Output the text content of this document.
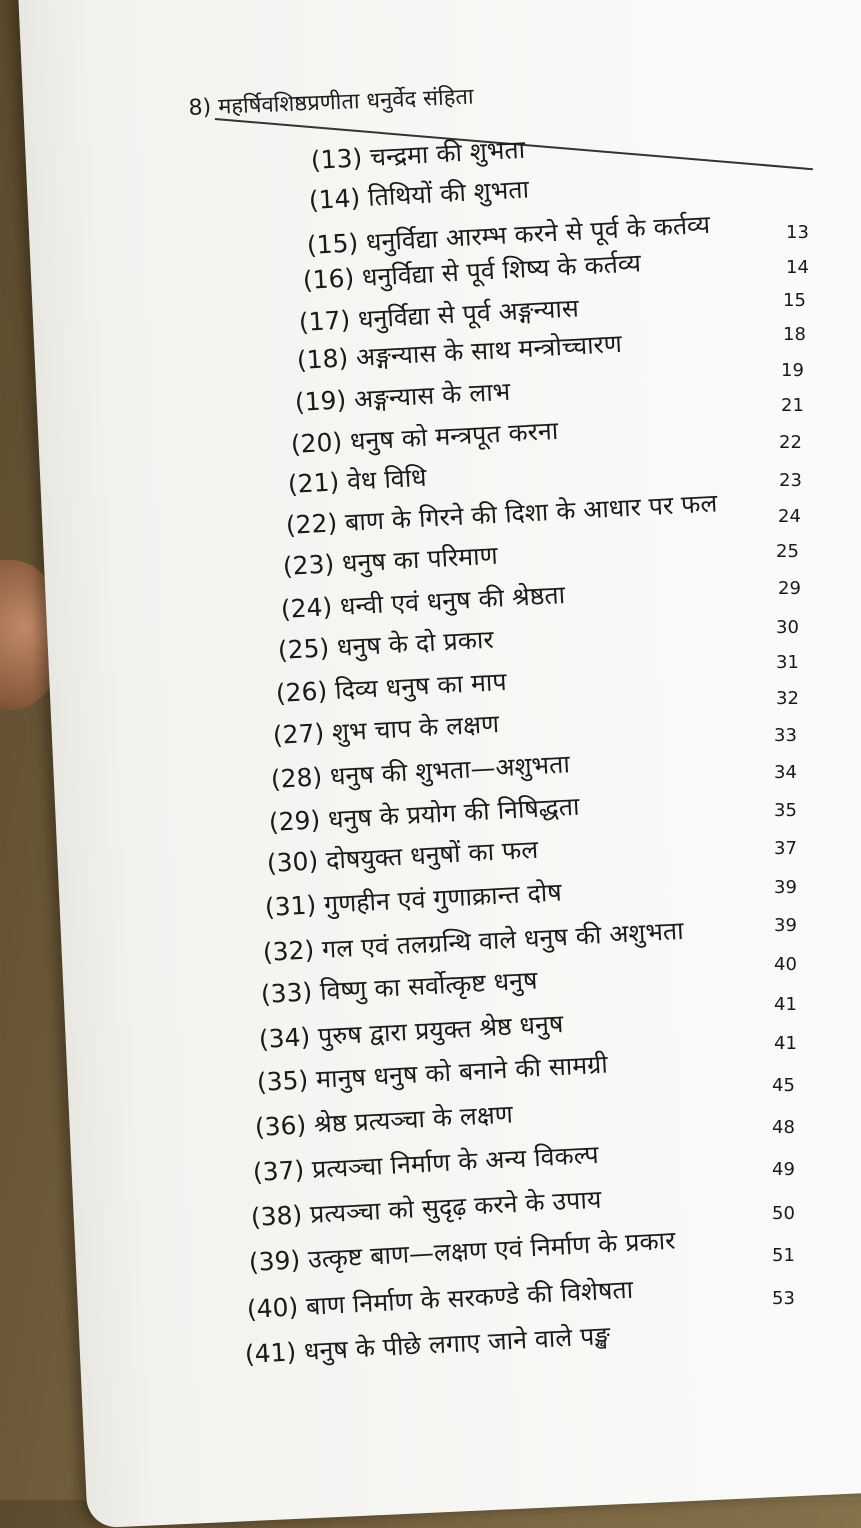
8) महर्षिवशिष्ठप्रणीता धनुर्वेद संहिता
(13) चन्द्रमा की शुभता
(14) तिथियों की शुभता
(15) धनुर्विद्या आरम्भ करने से पूर्व के कर्तव्य
(16) धनुर्विद्या से पूर्व शिष्य के कर्तव्य
(17) धनुर्विद्या से पूर्व अङ्गन्यास
(18) अङ्गन्यास के साथ मन्त्रोच्चारण
(19) अङ्गन्यास के लाभ
(20) धनुष को मन्त्रपूत करना
(21) वेध विधि
(22) बाण के गिरने की दिशा के आधार पर फल
(23) धनुष का परिमाण
(24) धन्वी एवं धनुष की श्रेष्ठता
(25) धनुष के दो प्रकार
(26) दिव्य धनुष का माप
(27) शुभ चाप के लक्षण
(28) धनुष की शुभता—अशुभता
(29) धनुष के प्रयोग की निषिद्धता
(30) दोषयुक्त धनुषों का फल
(31) गुणहीन एवं गुणाक्रान्त दोष
(32) गल एवं तलग्रन्थि वाले धनुष की अशुभता
(33) विष्णु का सर्वोत्कृष्ट धनुष
(34) पुरुष द्वारा प्रयुक्त श्रेष्ठ धनुष
(35) मानुष धनुष को बनाने की सामग्री
(36) श्रेष्ठ प्रत्यञ्चा के लक्षण
(37) प्रत्यञ्चा निर्माण के अन्य विकल्प
(38) प्रत्यञ्चा को सुदृढ़ करने के उपाय
(39) उत्कृष्ट बाण—लक्षण एवं निर्माण के प्रकार
(40) बाण निर्माण के सरकण्डे की विशेषता
(41) धनुष के पीछे लगाए जाने वाले पङ्ख
13
14
15
18
19
21
22
23
24
25
29
30
31
32
33
34
35
37
39
39
40
41
41
45
48
49
50
51
53
